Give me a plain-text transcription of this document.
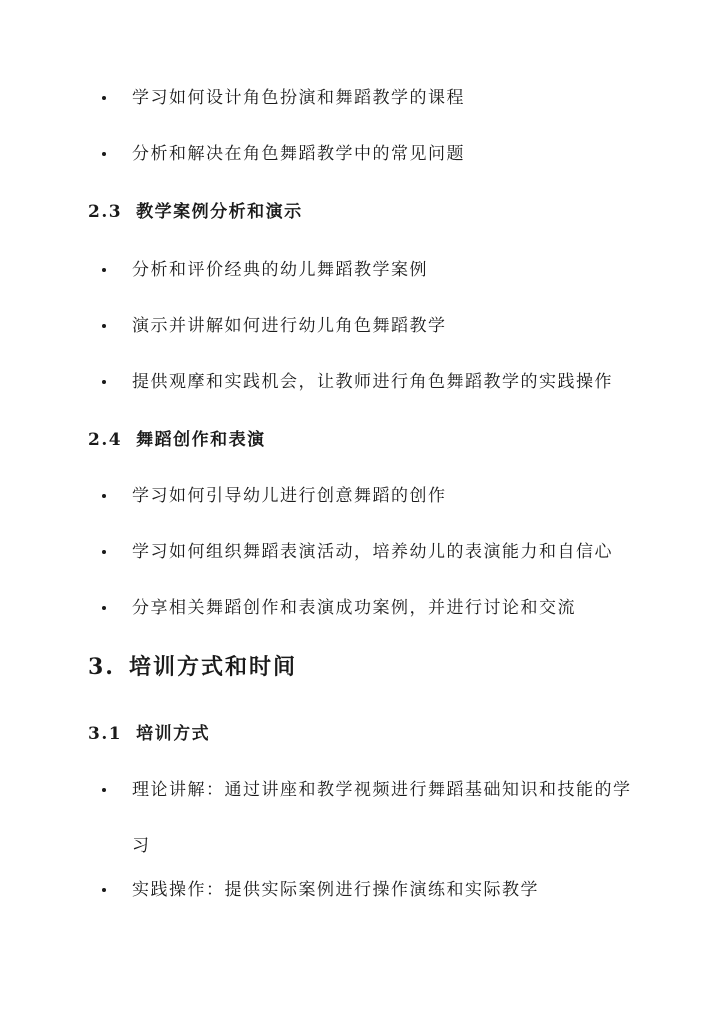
学习如何设计角色扮演和舞蹈教学的课程
分析和解决在角色舞蹈教学中的常见问题
2.3 教学案例分析和演示
分析和评价经典的幼儿舞蹈教学案例
演示并讲解如何进行幼儿角色舞蹈教学
提供观摩和实践机会，让教师进行角色舞蹈教学的实践操作
2.4 舞蹈创作和表演
学习如何引导幼儿进行创意舞蹈的创作
学习如何组织舞蹈表演活动，培养幼儿的表演能力和自信心
分享相关舞蹈创作和表演成功案例，并进行讨论和交流
3. 培训方式和时间
3.1 培训方式
理论讲解：通过讲座和教学视频进行舞蹈基础知识和技能的学习
实践操作：提供实际案例进行操作演练和实际教学
